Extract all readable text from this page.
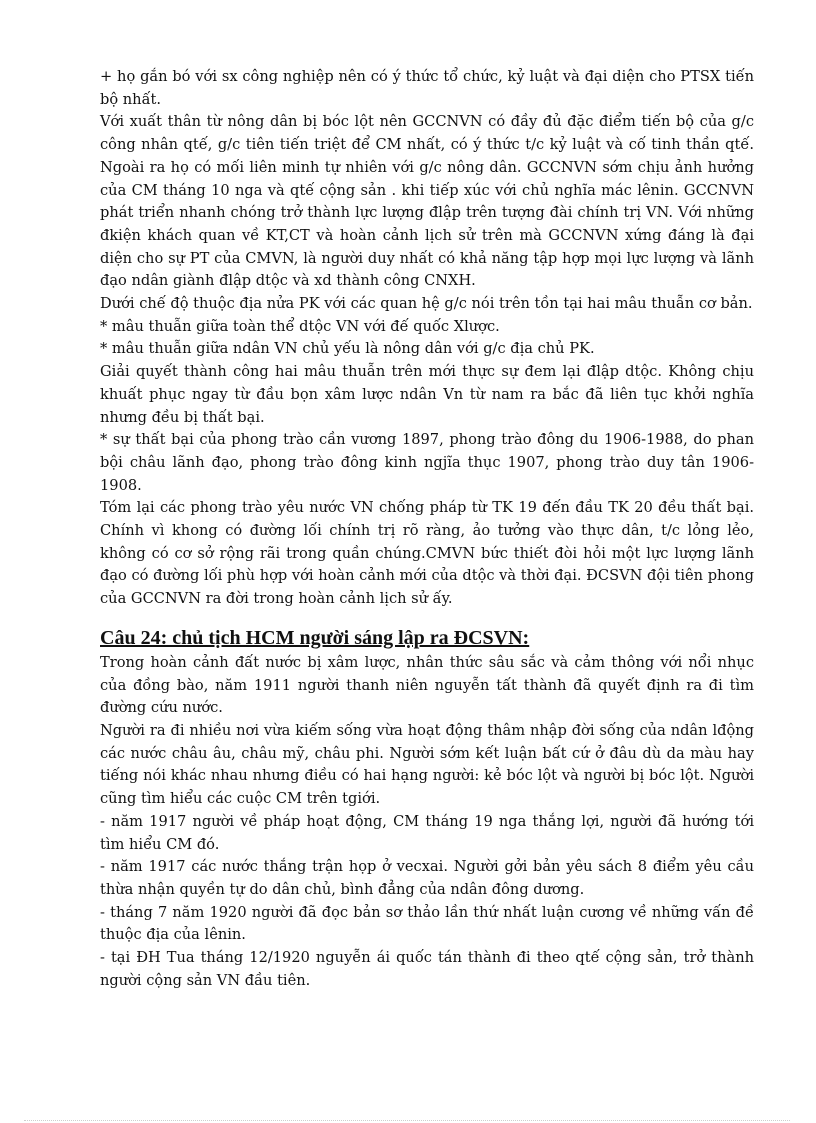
+ họ gắn bó với sx công nghiệp nên có ý thức tổ chức, kỷ luật và đại diện cho PTSX tiến bộ nhất.

Với xuất thân từ nông dân bị bóc lột nên GCCNVN có đầy đủ đặc điểm tiến bộ của g/c công nhân qtế, g/c tiên tiến triệt để CM nhất, có ý thức t/c kỷ luật và cố tinh thần qtế. Ngoài ra họ có mối liên minh tự nhiên với g/c nông dân. GCCNVN sớm chịu ảnh hưởng của CM tháng 10 nga và qtế cộng sản . khi tiếp xúc với chủ nghĩa mác lênin. GCCNVN phát triển nhanh chóng trở thành lực lượng đlập trên tượng đài chính trị VN. Với những đkiện khách quan về KT,CT và hoàn cảnh lịch sử trên mà GCCNVN xứng đáng là đại diện cho sự PT của CMVN, là người duy nhất có khả năng tập hợp mọi lực lượng và lãnh đạo ndân giành đlập dtộc và xd thành công CNXH.

Dưới chế độ thuộc địa nửa PK với các quan hệ g/c nói trên tồn tại hai mâu thuẫn cơ bản.

* mâu thuẫn giữa toàn thể dtộc VN với đế quốc Xlược.

* mâu thuẫn giữa ndân VN chủ yếu là nông dân với g/c địa chủ PK.

Giải quyết thành công hai mâu thuẫn trên mới thực sự đem lại đlập dtộc. Không chịu khuất phục ngay từ đầu bọn xâm lược ndân Vn từ nam ra bắc đã liên tục khởi nghĩa nhưng đều bị thất bại.

* sự thất bại của phong trào cần vương 1897, phong trào đông du 1906-1988, do phan bội châu lãnh đạo, phong trào đông kinh ngjĩa thục 1907, phong trào duy tân 1906-1908.

Tóm lại các phong trào yêu nước VN chống pháp từ TK 19 đến đầu TK 20 đều thất bại. Chính vì khong có đường lối chính trị rõ ràng, ảo tưởng vào thực dân, t/c lỏng lẻo, không có cơ sở rộng rãi trong quần chúng.CMVN bức thiết đòi hỏi một lực lượng lãnh đạo có đường lối phù hợp với hoàn cảnh mới của dtộc và thời đại. ĐCSVN đội tiên phong của GCCNVN ra đời trong hoàn cảnh lịch sử ấy.

Câu 24: chủ tịch HCM người sáng lập ra ĐCSVN:

Trong hoàn cảnh đất nước bị xâm lược, nhân thức sâu sắc và cảm thông với nổi nhục của đồng bào, năm 1911 người thanh niên nguyễn tất thành đã quyết định ra đi tìm đường cứu nước.

Người ra đi nhiều nơi vừa kiếm sống vừa hoạt động thâm nhập đời sống của ndân lđộng các nước châu âu, châu mỹ, châu phi. Người sớm kết luận bất cứ ở đâu dù da màu hay tiếng nói khác nhau nhưng điều có hai hạng người: kẻ bóc lột và người bị bóc lột. Người cũng tìm hiểu các cuộc CM trên tgiới.

- năm 1917 người về pháp hoạt động, CM tháng 19 nga thắng lợi, người đã hướng tới tìm hiểu CM đó.

- năm 1917 các nước thắng trận họp ở vecxai. Người gởi bản yêu sách 8 điểm yêu cầu thừa nhận quyền tự do dân chủ, bình đẳng của ndân đông dương.

- tháng 7 năm 1920 người đã đọc bản sơ thảo lần thứ nhất luận cương về những vấn đề thuộc địa của lênin.

- tại ĐH Tua tháng 12/1920 nguyễn ái quốc tán thành đi theo qtế cộng sản, trở thành người cộng sản VN đầu tiên.
